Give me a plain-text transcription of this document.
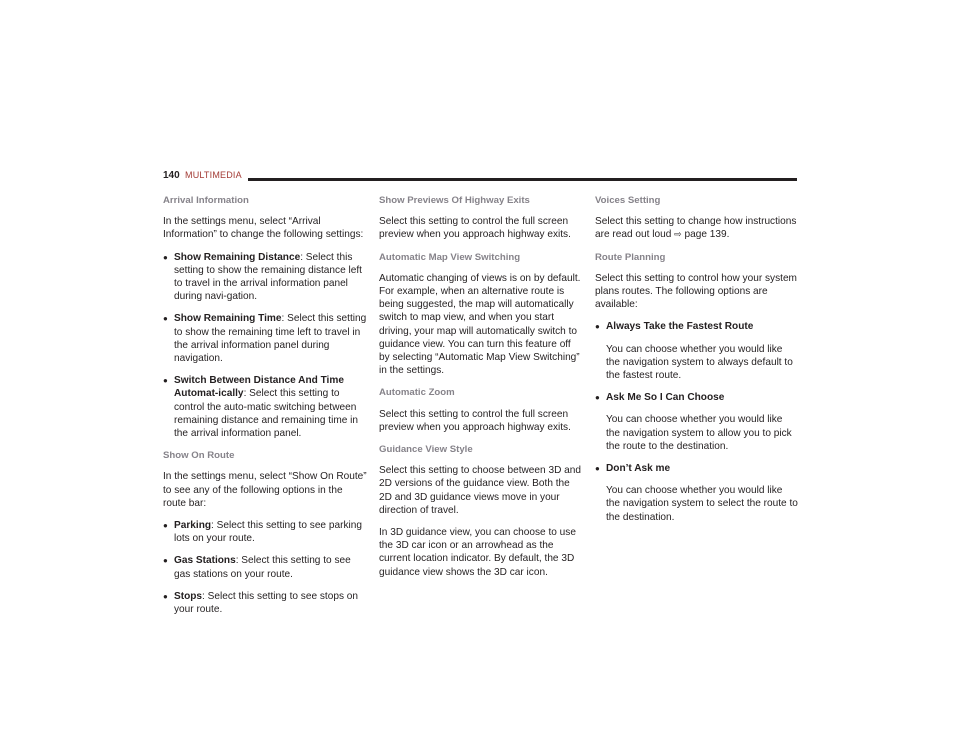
140 MULTIMEDIA
Arrival Information
In the settings menu, select “Arrival Information” to change the following settings:
● Show Remaining Distance: Select this setting to show the remaining distance left to travel in the arrival information panel during navi-gation.
● Show Remaining Time: Select this setting to show the remaining time left to travel in the arrival information panel during navigation.
● Switch Between Distance And Time Automat-ically: Select this setting to control the auto-matic switching between remaining distance and remaining time in the arrival information panel.
Show On Route
In the settings menu, select “Show On Route” to see any of the following options in the route bar:
● Parking: Select this setting to see parking lots on your route.
● Gas Stations: Select this setting to see gas stations on your route.
● Stops: Select this setting to see stops on your route.
Show Previews Of Highway Exits
Select this setting to control the full screen preview when you approach highway exits.
Automatic Map View Switching
Automatic changing of views is on by default. For example, when an alternative route is being suggested, the map will automatically switch to map view, and when you start driving, your map will automatically switch to guidance view. You can turn this feature off by selecting “Automatic Map View Switching” in the settings.
Automatic Zoom
Select this setting to control the full screen preview when you approach highway exits.
Guidance View Style
Select this setting to choose between 3D and 2D versions of the guidance view. Both the 2D and 3D guidance views move in your direction of travel.
In 3D guidance view, you can choose to use the 3D car icon or an arrowhead as the current location indicator. By default, the 3D guidance view shows the 3D car icon.
Voices Setting
Select this setting to change how instructions are read out loud ⇨ page 139.
Route Planning
Select this setting to control how your system plans routes. The following options are available:
● Always Take the Fastest Route
You can choose whether you would like the navigation system to always default to the fastest route.
● Ask Me So I Can Choose
You can choose whether you would like the navigation system to allow you to pick the route to the destination.
● Don’t Ask me
You can choose whether you would like the navigation system to select the route to the destination.
